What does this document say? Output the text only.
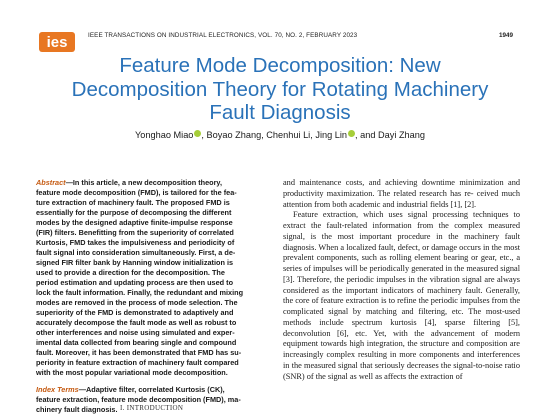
ies	IEEE TRANSACTIONS ON INDUSTRIAL ELECTRONICS, VOL. 70, NO. 2, FEBRUARY 2023	1949
Feature Mode Decomposition: New
Decomposition Theory for Rotating Machinery
Fault Diagnosis
Yonghao Miao , Boyao Zhang, Chenhui Li, Jing Lin , and Dayi Zhang
Abstract—In this article, a new decomposition theory,
feature mode decomposition (FMD), is tailored for the fea-
ture extraction of machinery fault. The proposed FMD is
essentially for the purpose of decomposing the different
modes by the designed adaptive finite-impulse response
(FIR) filters. Benefitting from the superiority of correlated
Kurtosis, FMD takes the impulsiveness and periodicity of
fault signal into consideration simultaneously. First, a de-
signed FIR filter bank by Hanning window initialization is
used to provide a direction for the decomposition. The
period estimation and updating process are then used to
lock the fault information. Finally, the redundant and mixing
modes are removed in the process of mode selection. The
superiority of the FMD is demonstrated to adaptively and
accurately decompose the fault mode as well as robust to
other interferences and noise using simulated and exper-
imental data collected from bearing single and compound
fault. Moreover, it has been demonstrated that FMD has su-
periority in feature extraction of machinery fault compared
with the most popular variational mode decomposition.
Index Terms—Adaptive filter, correlated Kurtosis (CK),
feature extraction, feature mode decomposition (FMD), ma-
chinery fault diagnosis. I. INTRODUCTION

and maintenance costs, and achieving downtime minimization and productivity maximization. The related research has re- ceived much attention from both academic and industrial fields [1], [2].

Feature extraction, which uses signal processing techniques to extract the fault-related information from the complex measured signal, is the most important procedure in the machinery fault diagnosis. When a localized fault, defect, or damage occurs in the most prevalent components, such as rolling element bearing or gear, etc., a series of impulses will be periodically generated in the measured signal [3]. Therefore, the periodic impulses in the vibration signal are always considered as the important indicators of machinery fault. Generally, the core of feature extraction is to refine the periodic impulses from the complicated signal by matching and filtering, etc. The most-used methods include spectrum kurtosis [4], sparse filtering [5], deconvolution [6], etc. Yet, with the advancement of modern equipment towards high integration, the structure and composition are increasingly complex resulting in more components and interferences in the measured signal that seriously decreases the signal-to-noise ratio (SNR) of the signal as well as affects the extraction of
